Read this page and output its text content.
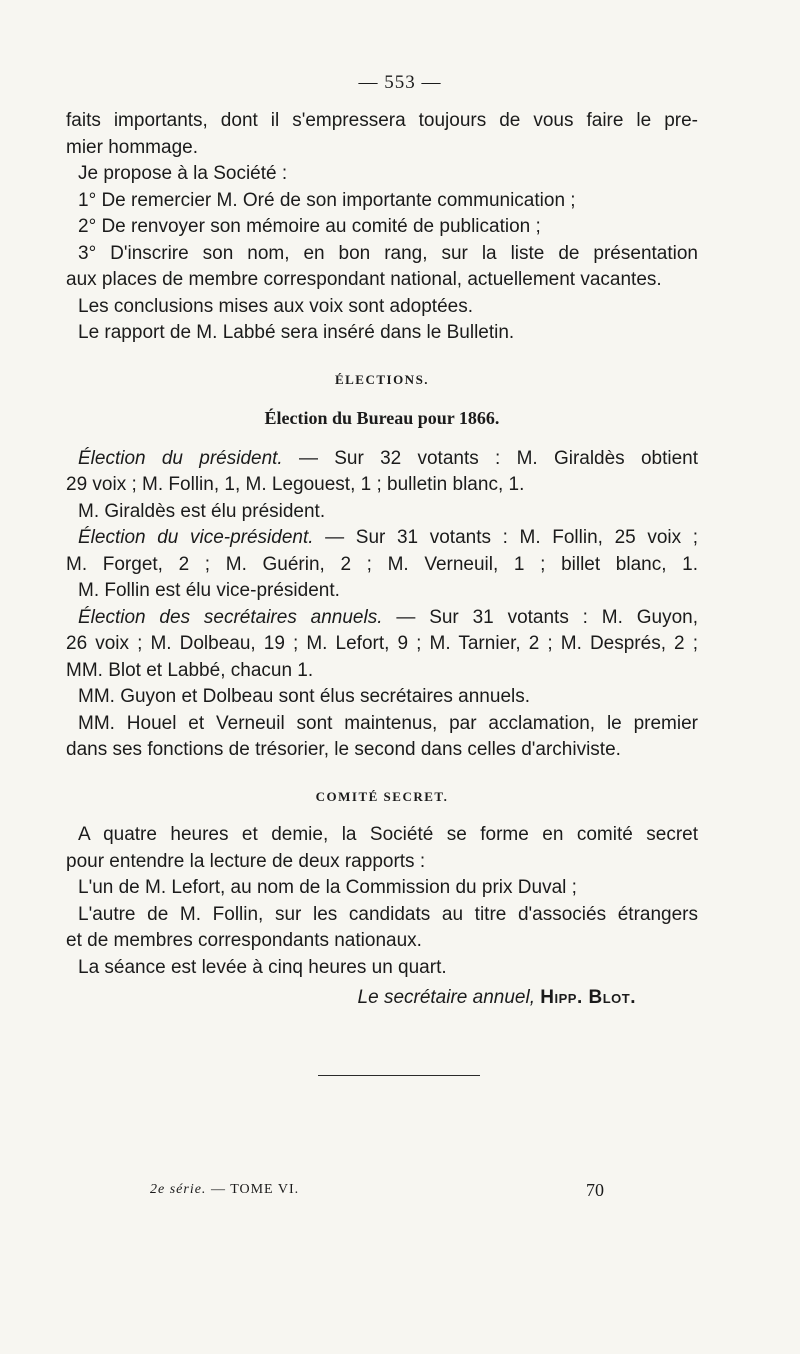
— 553 —
faits importants, dont il s'empressera toujours de vous faire le pre-
mier hommage.
Je propose à la Société :
1° De remercier M. Oré de son importante communication ;
2° De renvoyer son mémoire au comité de publication ;
3° D'inscrire son nom, en bon rang, sur la liste de présentation
aux places de membre correspondant national, actuellement vacantes.
Les conclusions mises aux voix sont adoptées.
Le rapport de M. Labbé sera inséré dans le Bulletin.
ÉLECTIONS.
Élection du Bureau pour 1866.
Élection du président. — Sur 32 votants : M. Giraldès obtient
29 voix ; M. Follin, 1, M. Legouest, 1 ; bulletin blanc, 1.
M. Giraldès est élu président.
Élection du vice-président. — Sur 31 votants : M. Follin, 25 voix ;
M. Forget, 2 ; M. Guérin, 2 ; M. Verneuil, 1 ; billet blanc, 1.
M. Follin est élu vice-président.
Élection des secrétaires annuels. — Sur 31 votants : M. Guyon,
26 voix ; M. Dolbeau, 19 ; M. Lefort, 9 ; M. Tarnier, 2 ; M. Després, 2 ;
MM. Blot et Labbé, chacun 1.
MM. Guyon et Dolbeau sont élus secrétaires annuels.
MM. Houel et Verneuil sont maintenus, par acclamation, le premier
dans ses fonctions de trésorier, le second dans celles d'archiviste.
COMITÉ SECRET.
A quatre heures et demie, la Société se forme en comité secret
pour entendre la lecture de deux rapports :
L'un de M. Lefort, au nom de la Commission du prix Duval ;
L'autre de M. Follin, sur les candidats au titre d'associés étrangers
et de membres correspondants nationaux.
La séance est levée à cinq heures un quart.
Le secrétaire annuel, Hipp. Blot.
2e série. — TOME VI.	70
